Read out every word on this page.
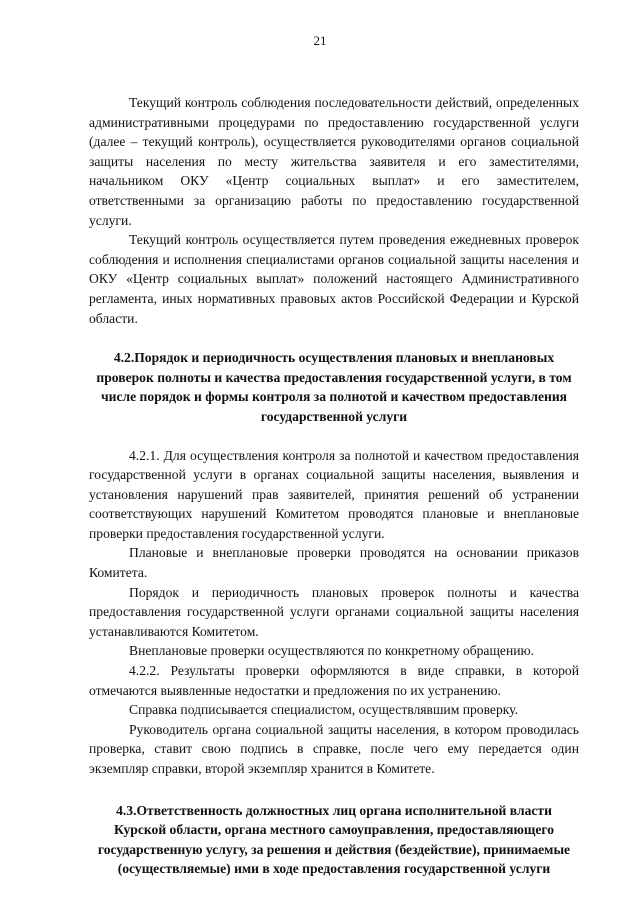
21

Текущий контроль соблюдения последовательности действий, определенных административными процедурами по предоставлению государственной услуги (далее – текущий контроль), осуществляется руководителями органов социальной защиты населения по месту жительства заявителя и его заместителями, начальником ОКУ «Центр социальных выплат» и его заместителем, ответственными за организацию работы по предоставлению государственной услуги.

Текущий контроль осуществляется путем проведения ежедневных проверок соблюдения и исполнения специалистами органов социальной защиты населения и ОКУ «Центр социальных выплат» положений настоящего Административного регламента, иных нормативных правовых актов Российской Федерации и Курской области.

4.2.Порядок и периодичность осуществления плановых и внеплановых проверок полноты и качества предоставления государственной услуги, в том числе порядок и формы контроля за полнотой и качеством предоставления государственной услуги

4.2.1. Для осуществления контроля за полнотой и качеством предоставления государственной услуги в органах социальной защиты населения, выявления и установления нарушений прав заявителей, принятия решений об устранении соответствующих нарушений Комитетом проводятся плановые и внеплановые проверки предоставления государственной услуги.

Плановые и внеплановые проверки проводятся на основании приказов Комитета.

Порядок и периодичность плановых проверок полноты и качества предоставления государственной услуги органами социальной защиты населения устанавливаются Комитетом.

Внеплановые проверки осуществляются по конкретному обращению.

4.2.2. Результаты проверки оформляются в виде справки, в которой отмечаются выявленные недостатки и предложения по их устранению.

Справка подписывается специалистом, осуществлявшим проверку.

Руководитель органа социальной защиты населения, в котором проводилась проверка, ставит свою подпись в справке, после чего ему передается один экземпляр справки, второй экземпляр хранится в Комитете.

4.3.Ответственность должностных лиц органа исполнительной власти Курской области, органа местного самоуправления, предоставляющего государственную услугу, за решения и действия (бездействие), принимаемые (осуществляемые) ими в ходе предоставления государственной услуги
